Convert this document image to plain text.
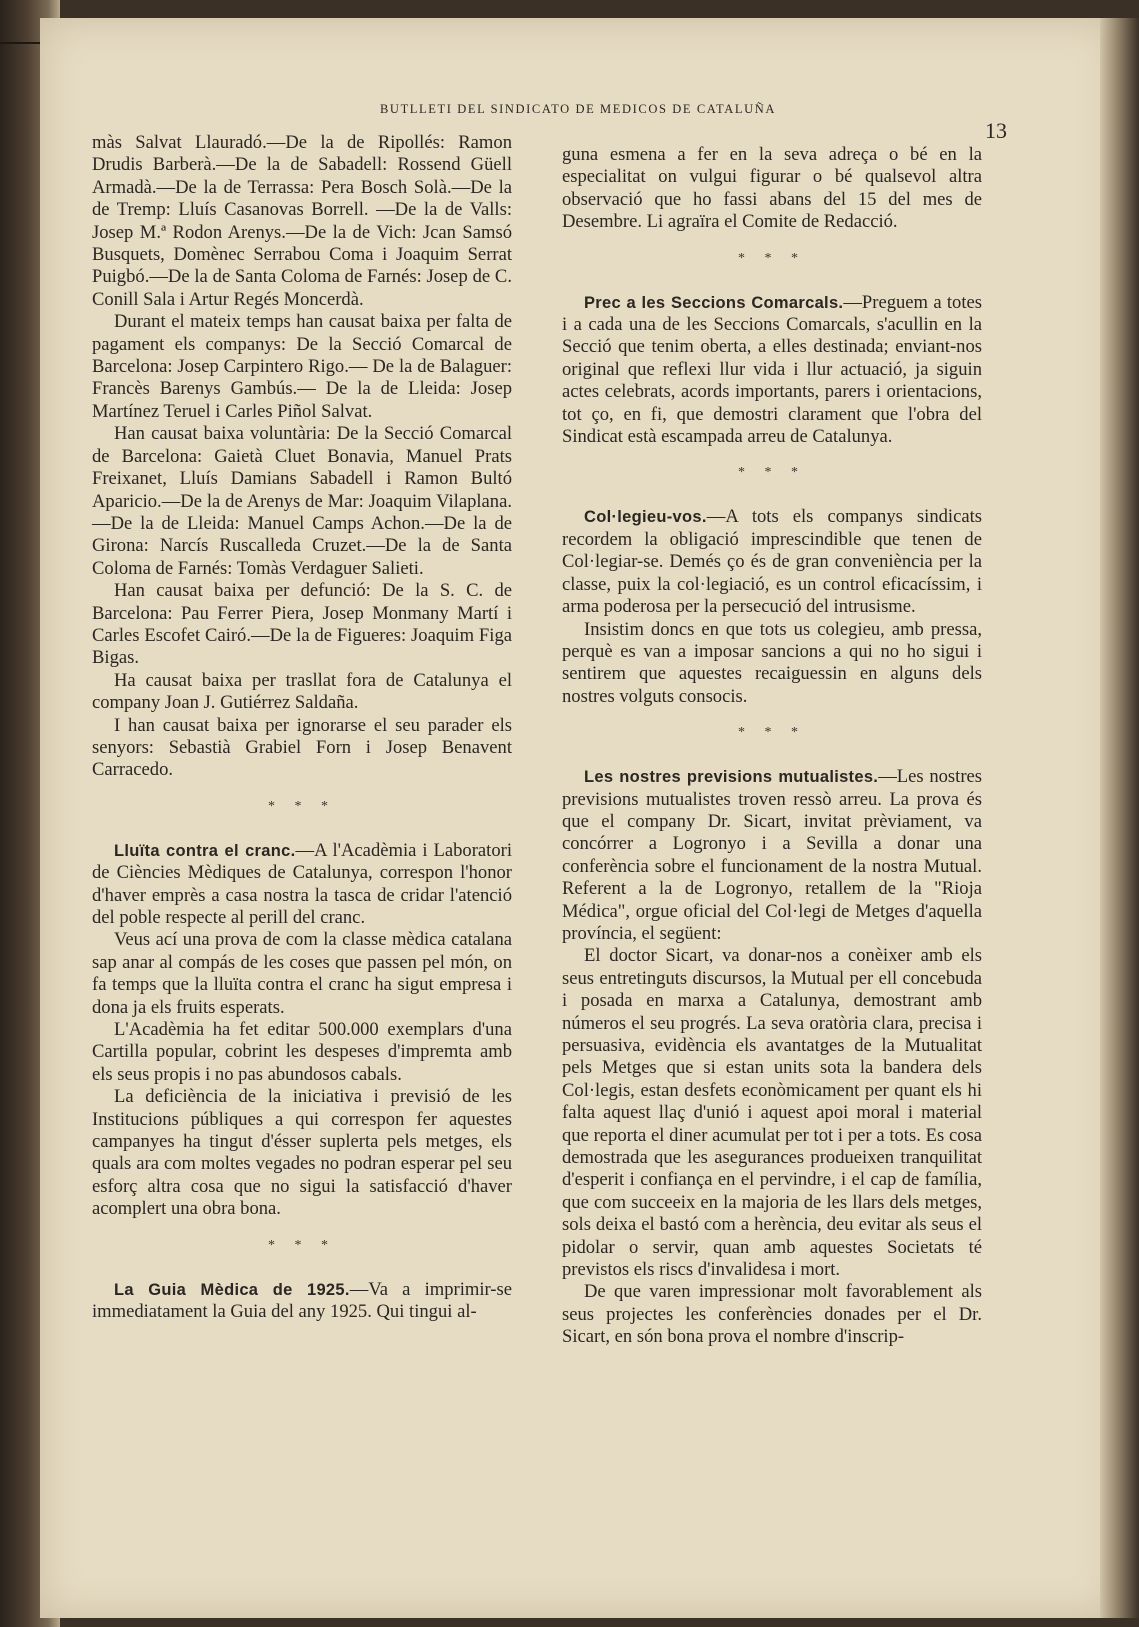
BUTLLETI DEL SINDICATO DE MEDICOS DE CATALUÑA
13

màs Salvat Llauradó.—De la de Ripollés: Ramon Drudis Barberà.—De la de Sabadell: Rossend Güell Armadà.—De la de Terrassa: Pera Bosch Solà.—De la de Tremp: Lluís Casanovas Borrell. —De la de Valls: Josep M.ª Rodon Arenys.—De la de Vich: Jcan Samsó Busquets, Domènec Serrabou Coma i Joaquim Serrat Puigbó.—De la de Santa Coloma de Farnés: Josep de C. Conill Sala i Artur Regés Moncerdà.

Durant el mateix temps han causat baixa per falta de pagament els companys: De la Secció Comarcal de Barcelona: Josep Carpintero Rigo.— De la de Balaguer: Francès Barenys Gambús.— De la de Lleida: Josep Martínez Teruel i Carles Piñol Salvat.

Han causat baixa voluntària: De la Secció Comarcal de Barcelona: Gaietà Cluet Bonavia, Manuel Prats Freixanet, Lluís Damians Sabadell i Ramon Bultó Aparicio.—De la de Arenys de Mar: Joaquim Vilaplana.—De la de Lleida: Manuel Camps Achon.—De la de Girona: Narcís Ruscalleda Cruzet.—De la de Santa Coloma de Farnés: Tomàs Verdaguer Salieti.

Han causat baixa per defunció: De la S. C. de Barcelona: Pau Ferrer Piera, Josep Monmany Martí i Carles Escofet Cairó.—De la de Figueres: Joaquim Figa Bigas.

Ha causat baixa per trasllat fora de Catalunya el company Joan J. Gutiérrez Saldaña.

I han causat baixa per ignorarse el seu parader els senyors: Sebastià Grabiel Forn i Josep Benavent Carracedo.

* * *

Lluïta contra el cranc.—A l'Acadèmia i Laboratori de Ciències Mèdiques de Catalunya, correspon l'honor d'haver emprès a casa nostra la tasca de cridar l'atenció del poble respecte al perill del cranc.

Veus ací una prova de com la classe mèdica catalana sap anar al compás de les coses que passen pel món, on fa temps que la lluïta contra el cranc ha sigut empresa i dona ja els fruits esperats.

L'Acadèmia ha fet editar 500.000 exemplars d'una Cartilla popular, cobrint les despeses d'impremta amb els seus propis i no pas abundosos cabals.

La deficiència de la iniciativa i previsió de les Institucions públiques a qui correspon fer aquestes campanyes ha tingut d'ésser suplerta pels metges, els quals ara com moltes vegades no podran esperar pel seu esforç altra cosa que no sigui la satisfacció d'haver acomplert una obra bona.

* * *

La Guia Mèdica de 1925.—Va a imprimir-se immediatament la Guia del any 1925. Qui tingui al-

guna esmena a fer en la seva adreça o bé en la especialitat on vulgui figurar o bé qualsevol altra observació que ho fassi abans del 15 del mes de Desembre. Li agraïra el Comite de Redacció.

* * *

Prec a les Seccions Comarcals.—Preguem a totes i a cada una de les Seccions Comarcals, s'acullin en la Secció que tenim oberta, a elles destinada; enviant-nos original que reflexi llur vida i llur actuació, ja siguin actes celebrats, acords importants, parers i orientacions, tot ço, en fi, que demostri clarament que l'obra del Sindicat està escampada arreu de Catalunya.

* * *

Col·legieu-vos.—A tots els companys sindicats recordem la obligació imprescindible que tenen de Col·legiar-se. Demés ço és de gran conveniència per la classe, puix la col·legiació, es un control eficacíssim, i arma poderosa per la persecució del intrusisme.

Insistim doncs en que tots us colegieu, amb pressa, perquè es van a imposar sancions a qui no ho sigui i sentirem que aquestes recaiguessin en alguns dels nostres volguts consocis.

* * *

Les nostres previsions mutualistes.—Les nostres previsions mutualistes troven ressò arreu. La prova és que el company Dr. Sicart, invitat prèviament, va concórrer a Logronyo i a Sevilla a donar una conferència sobre el funcionament de la nostra Mutual. Referent a la de Logronyo, retallem de la "Rioja Médica", orgue oficial del Col·legi de Metges d'aquella província, el següent:

El doctor Sicart, va donar-nos a conèixer amb els seus entretinguts discursos, la Mutual per ell concebuda i posada en marxa a Catalunya, demostrant amb números el seu progrés. La seva oratòria clara, precisa i persuasiva, evidència els avantatges de la Mutualitat pels Metges que si estan units sota la bandera dels Col·legis, estan desfets econòmicament per quant els hi falta aquest llaç d'unió i aquest apoi moral i material que reporta el diner acumulat per tot i per a tots. Es cosa demostrada que les asegurances produeixen tranquilitat d'esperit i confiança en el pervindre, i el cap de família, que com succeeix en la majoria de les llars dels metges, sols deixa el bastó com a herència, deu evitar als seus el pidolar o servir, quan amb aquestes Societats té previstos els riscs d'invalidesa i mort.

De que varen impressionar molt favorablement als seus projectes les conferències donades per el Dr. Sicart, en són bona prova el nombre d'inscrip-
